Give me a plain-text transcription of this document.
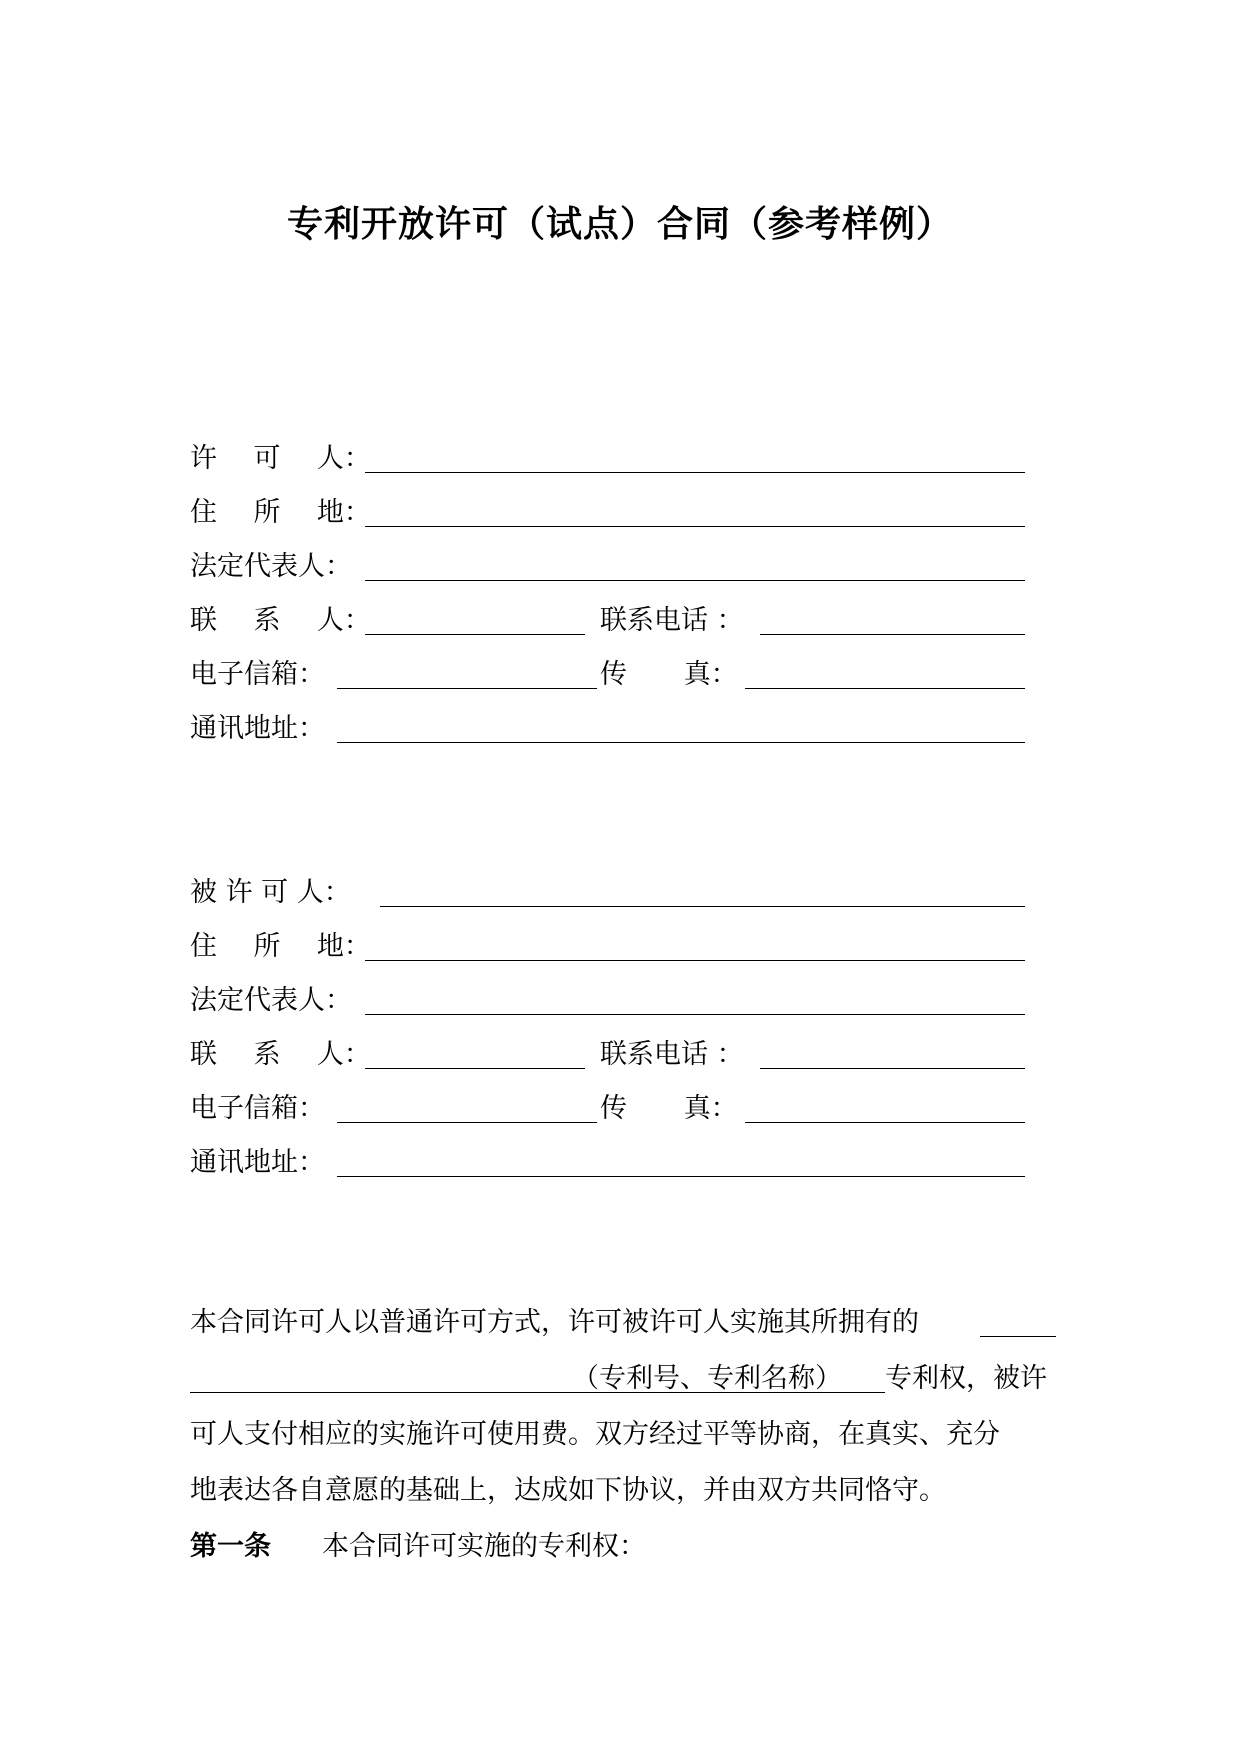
专利开放许可（试点）合同（参考样例）
许 可 人：
住 所 地：
法定代表人：
联 系 人：	联系电话 ：
电子信箱：	传 真：
通讯地址：
被 许 可 人：
住 所 地：
法定代表人：
联 系 人：	联系电话 ：
电子信箱：	传 真：
通讯地址：
本合同许可人以普通许可方式，许可被许可人实施其所拥有的
（专利号、专利名称） 专利权，被许
可人支付相应的实施许可使用费。双方经过平等协商，在真实、充分
地表达各自意愿的基础上，达成如下协议，并由双方共同恪守。
第一条 本合同许可实施的专利权：
